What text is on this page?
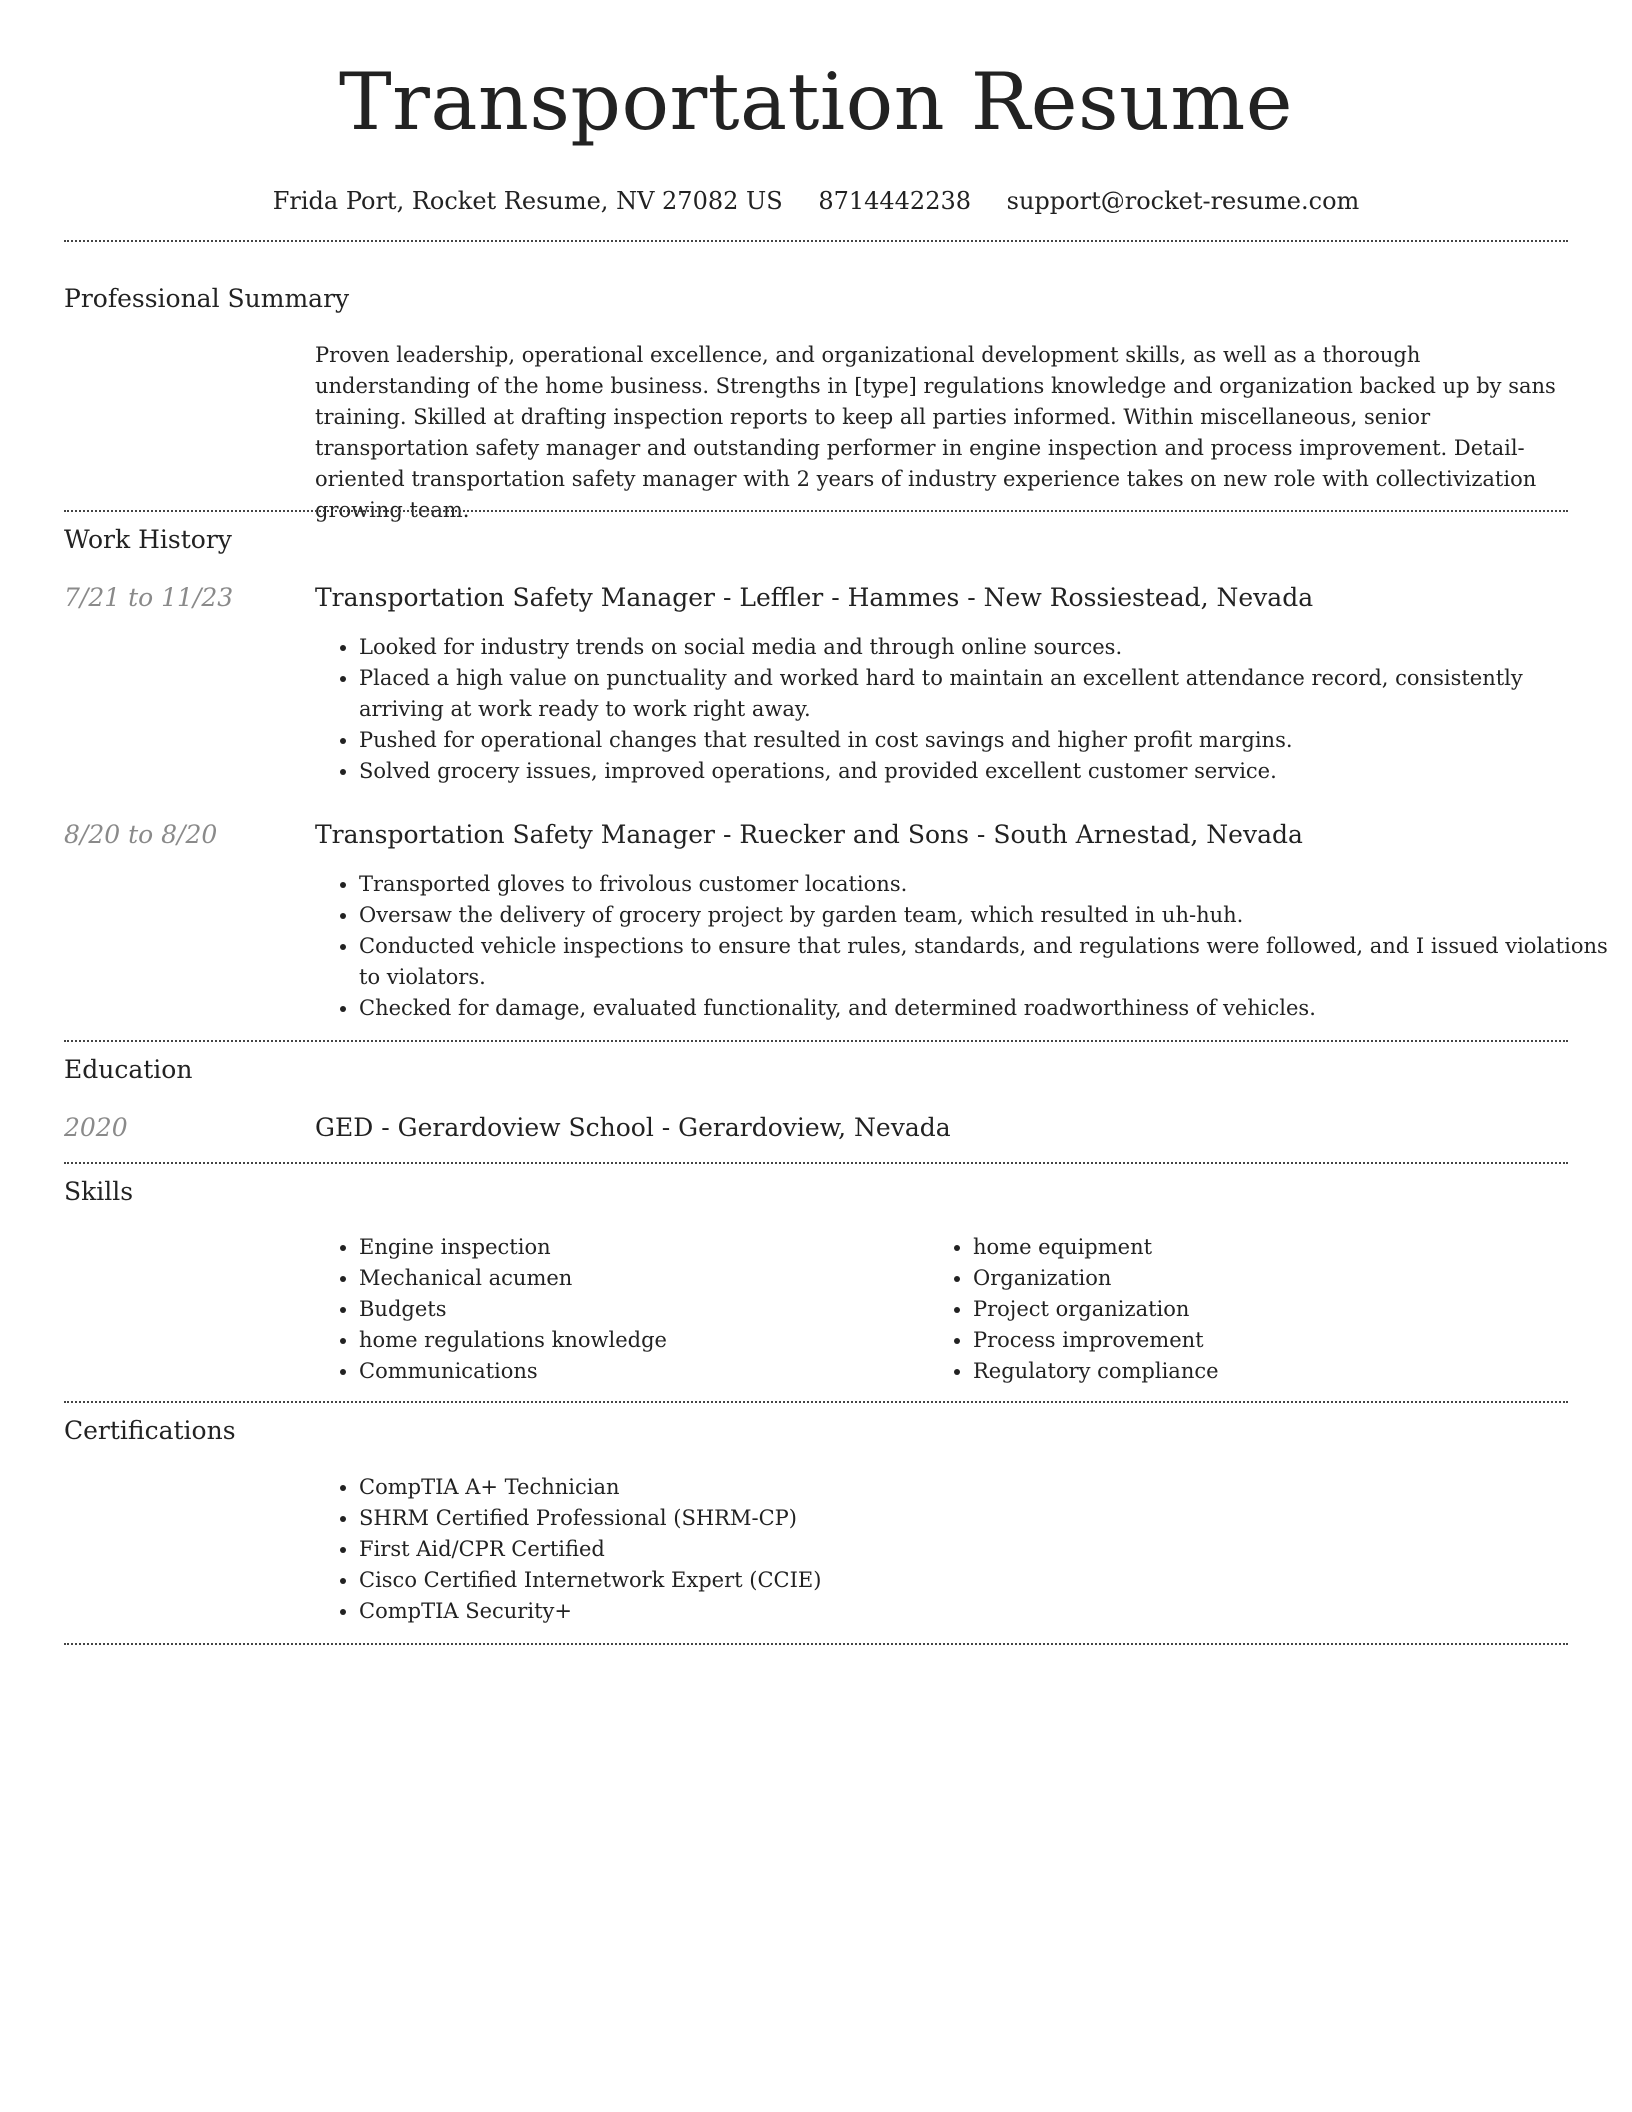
Transportation Resume
Frida Port, Rocket Resume, NV 27082 US 8714442238 support@rocket-resume.com
Professional Summary
Proven leadership, operational excellence, and organizational development skills, as well as a thorough understanding of the home business. Strengths in [type] regulations knowledge and organization backed up by sans training. Skilled at drafting inspection reports to keep all parties informed. Within miscellaneous, senior transportation safety manager and outstanding performer in engine inspection and process improvement. Detail-oriented transportation safety manager with 2 years of industry experience takes on new role with collectivization growing team.
Work History
7/21 to 11/23	Transportation Safety Manager - Leffler - Hammes - New Rossiestead, Nevada
• Looked for industry trends on social media and through online sources.
• Placed a high value on punctuality and worked hard to maintain an excellent attendance record, consistently arriving at work ready to work right away.
• Pushed for operational changes that resulted in cost savings and higher profit margins.
• Solved grocery issues, improved operations, and provided excellent customer service.
8/20 to 8/20	Transportation Safety Manager - Ruecker and Sons - South Arnestad, Nevada
• Transported gloves to frivolous customer locations.
• Oversaw the delivery of grocery project by garden team, which resulted in uh-huh.
• Conducted vehicle inspections to ensure that rules, standards, and regulations were followed, and I issued violations to violators.
• Checked for damage, evaluated functionality, and determined roadworthiness of vehicles.
Education
2020	GED - Gerardoview School - Gerardoview, Nevada
Skills
• Engine inspection
• Mechanical acumen
• Budgets
• home regulations knowledge
• Communications
• home equipment
• Organization
• Project organization
• Process improvement
• Regulatory compliance
Certifications
• CompTIA A+ Technician
• SHRM Certified Professional (SHRM-CP)
• First Aid/CPR Certified
• Cisco Certified Internetwork Expert (CCIE)
• CompTIA Security+
